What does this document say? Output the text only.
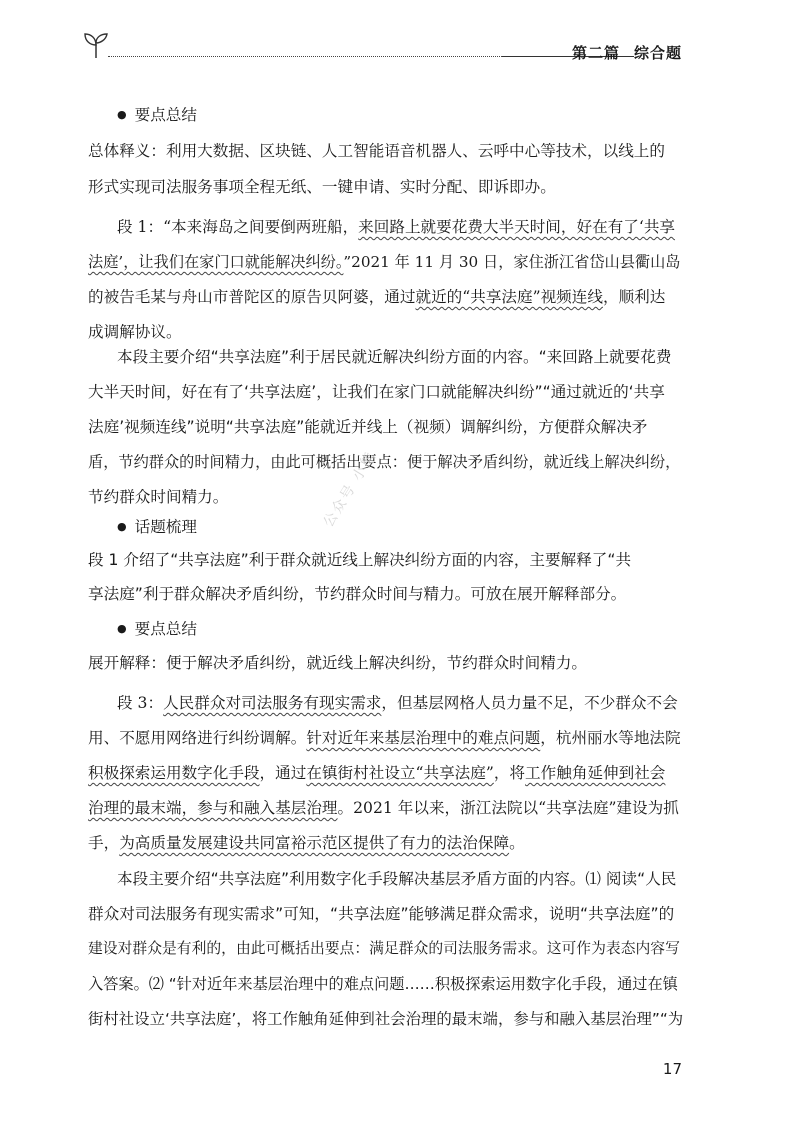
第二篇 综合题
● 要点总结
总体释义：利用大数据、区块链、人工智能语音机器人、云呼中心等技术，以线上的
形式实现司法服务事项全程无纸、一键申请、实时分配、即诉即办。
段 1：“本来海岛之间要倒两班船，来回路上就要花费大半天时间，好在有了‘共享
法庭’，让我们在家门口就能解决纠纷。”2021 年 11 月 30 日，家住浙江省岱山县衢山岛
的被告毛某与舟山市普陀区的原告贝阿婆，通过就近的“共享法庭”视频连线，顺利达
成调解协议。
本段主要介绍“共享法庭”利于居民就近解决纠纷方面的内容。“来回路上就要花费
大半天时间，好在有了‘共享法庭’，让我们在家门口就能解决纠纷”“通过就近的‘共享
法庭’视频连线”说明“共享法庭”能就近并线上（视频）调解纠纷，方便群众解决矛
盾，节约群众的时间精力，由此可概括出要点：便于解决矛盾纠纷，就近线上解决纠纷，
节约群众时间精力。
● 话题梳理
段 1 介绍了“共享法庭”利于群众就近线上解决纠纷方面的内容，主要解释了“共
享法庭”利于群众解决矛盾纠纷，节约群众时间与精力。可放在展开解释部分。
● 要点总结
展开解释：便于解决矛盾纠纷，就近线上解决纠纷，节约群众时间精力。
段 3：人民群众对司法服务有现实需求，但基层网格人员力量不足，不少群众不会
用、不愿用网络进行纠纷调解。针对近年来基层治理中的难点问题，杭州丽水等地法院
积极探索运用数字化手段，通过在镇街村社设立“共享法庭”，将工作触角延伸到社会
治理的最末端，参与和融入基层治理。2021 年以来，浙江法院以“共享法庭”建设为抓
手，为高质量发展建设共同富裕示范区提供了有力的法治保障。
本段主要介绍“共享法庭”利用数字化手段解决基层矛盾方面的内容。⑴ 阅读“人民
群众对司法服务有现实需求”可知，“共享法庭”能够满足群众需求，说明“共享法庭”的
建设对群众是有利的，由此可概括出要点：满足群众的司法服务需求。这可作为表态内容写
入答案。⑵ “针对近年来基层治理中的难点问题……积极探索运用数字化手段，通过在镇
街村社设立‘共享法庭’，将工作触角延伸到社会治理的最末端，参与和融入基层治理”“为
公众号 小熊
17
